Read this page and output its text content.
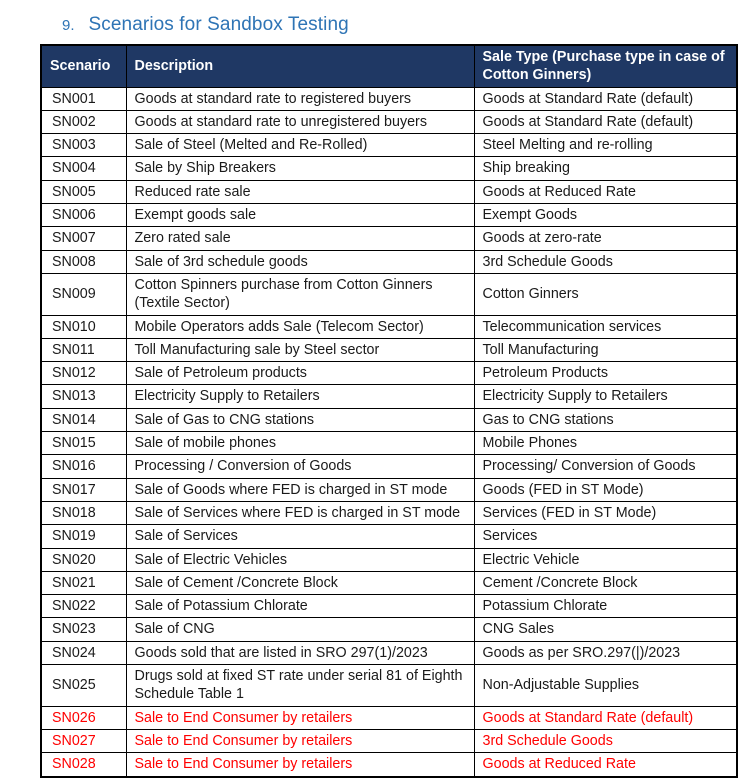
9. Scenarios for Sandbox Testing
Scenario	Description	Sale Type (Purchase type in case of Cotton Ginners)
SN001	Goods at standard rate to registered buyers	Goods at Standard Rate (default)
SN002	Goods at standard rate to unregistered buyers	Goods at Standard Rate (default)
SN003	Sale of Steel (Melted and Re-Rolled)	Steel Melting and re-rolling
SN004	Sale by Ship Breakers	Ship breaking
SN005	Reduced rate sale	Goods at Reduced Rate
SN006	Exempt goods sale	Exempt Goods
SN007	Zero rated sale	Goods at zero-rate
SN008	Sale of 3rd schedule goods	3rd Schedule Goods
SN009	Cotton Spinners purchase from Cotton Ginners (Textile Sector)	Cotton Ginners
SN010	Mobile Operators adds Sale (Telecom Sector)	Telecommunication services
SN011	Toll Manufacturing sale by Steel sector	Toll Manufacturing
SN012	Sale of Petroleum products	Petroleum Products
SN013	Electricity Supply to Retailers	Electricity Supply to Retailers
SN014	Sale of Gas to CNG stations	Gas to CNG stations
SN015	Sale of mobile phones	Mobile Phones
SN016	Processing / Conversion of Goods	Processing/ Conversion of Goods
SN017	Sale of Goods where FED is charged in ST mode	Goods (FED in ST Mode)
SN018	Sale of Services where FED is charged in ST mode	Services (FED in ST Mode)
SN019	Sale of Services	Services
SN020	Sale of Electric Vehicles	Electric Vehicle
SN021	Sale of Cement /Concrete Block	Cement /Concrete Block
SN022	Sale of Potassium Chlorate	Potassium Chlorate
SN023	Sale of CNG	CNG Sales
SN024	Goods sold that are listed in SRO 297(1)/2023	Goods as per SRO.297(|)/2023
SN025	Drugs sold at fixed ST rate under serial 81 of Eighth Schedule Table 1	Non-Adjustable Supplies
SN026	Sale to End Consumer by retailers	Goods at Standard Rate (default)
SN027	Sale to End Consumer by retailers	3rd Schedule Goods
SN028	Sale to End Consumer by retailers	Goods at Reduced Rate
